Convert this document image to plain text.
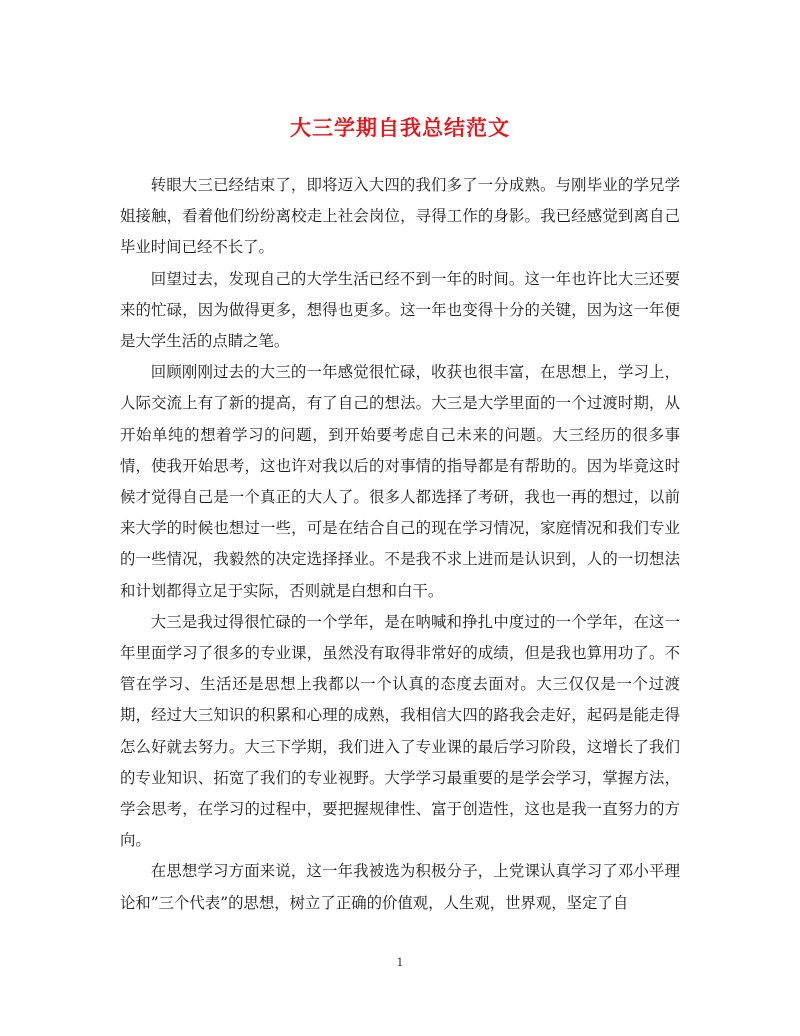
大三学期自我总结范文

转眼大三已经结束了，即将迈入大四的我们多了一分成熟。与刚毕业的学兄学姐接触，看着他们纷纷离校走上社会岗位，寻得工作的身影。我已经感觉到离自己毕业时间已经不长了。

回望过去，发现自己的大学生活已经不到一年的时间。这一年也许比大三还要来的忙碌，因为做得更多，想得也更多。这一年也变得十分的关键，因为这一年便是大学生活的点睛之笔。

回顾刚刚过去的大三的一年感觉很忙碌，收获也很丰富，在思想上，学习上，人际交流上有了新的提高，有了自己的想法。大三是大学里面的一个过渡时期，从开始单纯的想着学习的问题，到开始要考虑自己未来的问题。大三经历的很多事情，使我开始思考，这也许对我以后的对事情的指导都是有帮助的。因为毕竟这时候才觉得自己是一个真正的大人了。很多人都选择了考研，我也一再的想过，以前来大学的时候也想过一些，可是在结合自己的现在学习情况，家庭情况和我们专业的一些情况，我毅然的决定选择择业。不是我不求上进而是认识到，人的一切想法和计划都得立足于实际，否则就是白想和白干。

大三是我过得很忙碌的一个学年，是在呐喊和挣扎中度过的一个学年，在这一年里面学习了很多的专业课，虽然没有取得非常好的成绩，但是我也算用功了。不管在学习、生活还是思想上我都以一个认真的态度去面对。大三仅仅是一个过渡期，经过大三知识的积累和心理的成熟，我相信大四的路我会走好，起码是能走得怎么好就去努力。大三下学期，我们进入了专业课的最后学习阶段，这增长了我们的专业知识、拓宽了我们的专业视野。大学学习最重要的是学会学习，掌握方法，学会思考，在学习的过程中，要把握规律性、富于创造性，这也是我一直努力的方向。

在思想学习方面来说，这一年我被选为积极分子，上党课认真学习了邓小平理论和”三个代表”的思想，树立了正确的价值观，人生观，世界观，坚定了自

1
